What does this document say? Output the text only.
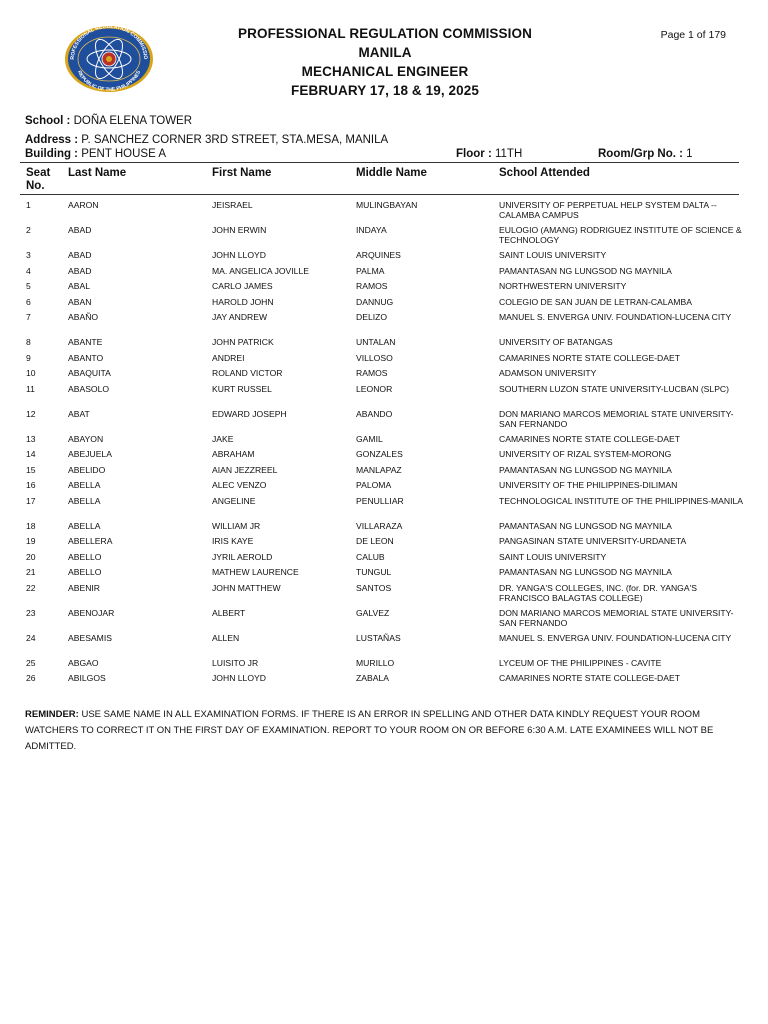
ROFESSIONAL REGULATION COMMISSIO
REPUBLIC OF THE PHILIPPINES
PROFESSIONAL REGULATION COMMISSION
MANILA
MECHANICAL ENGINEER
FEBRUARY 17, 18 & 19, 2025
Page 1 of 179
School : DOÑA ELENA TOWER
Address : P. SANCHEZ CORNER 3RD STREET, STA.MESA, MANILA
Building : PENT HOUSE A	Floor : 11TH	Room/Grp No. : 1
Seat No.
Last Name	First Name	Middle Name	School Attended
1	AARON	JEISRAEL	MULINGBAYAN	UNIVERSITY OF PERPETUAL HELP SYSTEM DALTA -- CALAMBA CAMPUS
2	ABAD	JOHN ERWIN	INDAYA	EULOGIO (AMANG) RODRIGUEZ INSTITUTE OF SCIENCE & TECHNOLOGY
3	ABAD	JOHN LLOYD	ARQUINES	SAINT LOUIS UNIVERSITY
4	ABAD	MA. ANGELICA JOVILLE	PALMA	PAMANTASAN NG LUNGSOD NG MAYNILA
5	ABAL	CARLO JAMES	RAMOS	NORTHWESTERN UNIVERSITY
6	ABAN	HAROLD JOHN	DANNUG	COLEGIO DE SAN JUAN DE LETRAN-CALAMBA
7	ABAÑO	JAY ANDREW	DELIZO	MANUEL S. ENVERGA UNIV. FOUNDATION-LUCENA CITY
8	ABANTE	JOHN PATRICK	UNTALAN	UNIVERSITY OF BATANGAS
9	ABANTO	ANDREI	VILLOSO	CAMARINES NORTE STATE COLLEGE-DAET
10	ABAQUITA	ROLAND VICTOR	RAMOS	ADAMSON UNIVERSITY
11	ABASOLO	KURT RUSSEL	LEONOR	SOUTHERN LUZON STATE UNIVERSITY-LUCBAN (SLPC)
12	ABAT	EDWARD JOSEPH	ABANDO	DON MARIANO MARCOS MEMORIAL STATE UNIVERSITY-SAN FERNANDO
13	ABAYON	JAKE	GAMIL	CAMARINES NORTE STATE COLLEGE-DAET
14	ABEJUELA	ABRAHAM	GONZALES	UNIVERSITY OF RIZAL SYSTEM-MORONG
15	ABELIDO	AIAN JEZZREEL	MANLAPAZ	PAMANTASAN NG LUNGSOD NG MAYNILA
16	ABELLA	ALEC VENZO	PALOMA	UNIVERSITY OF THE PHILIPPINES-DILIMAN
17	ABELLA	ANGELINE	PENULLIAR	TECHNOLOGICAL INSTITUTE OF THE PHILIPPINES-MANILA
18	ABELLA	WILLIAM JR	VILLARAZA	PAMANTASAN NG LUNGSOD NG MAYNILA
19	ABELLERA	IRIS KAYE	DE LEON	PANGASINAN STATE UNIVERSITY-URDANETA
20	ABELLO	JYRIL AEROLD	CALUB	SAINT LOUIS UNIVERSITY
21	ABELLO	MATHEW LAURENCE	TUNGUL	PAMANTASAN NG LUNGSOD NG MAYNILA
22	ABENIR	JOHN MATTHEW	SANTOS	DR. YANGA'S COLLEGES, INC. (for. DR. YANGA'S FRANCISCO BALAGTAS COLLEGE)
23	ABENOJAR	ALBERT	GALVEZ	DON MARIANO MARCOS MEMORIAL STATE UNIVERSITY-SAN FERNANDO
24	ABESAMIS	ALLEN	LUSTAÑAS	MANUEL S. ENVERGA UNIV. FOUNDATION-LUCENA CITY
25	ABGAO	LUISITO JR	MURILLO	LYCEUM OF THE PHILIPPINES - CAVITE
26	ABILGOS	JOHN LLOYD	ZABALA	CAMARINES NORTE STATE COLLEGE-DAET
REMINDER: USE SAME NAME IN ALL EXAMINATION FORMS. IF THERE IS AN ERROR IN SPELLING AND OTHER DATA KINDLY REQUEST YOUR ROOM WATCHERS TO CORRECT IT ON THE FIRST DAY OF EXAMINATION. REPORT TO YOUR ROOM ON OR BEFORE 6:30 A.M. LATE EXAMINEES WILL NOT BE ADMITTED.
